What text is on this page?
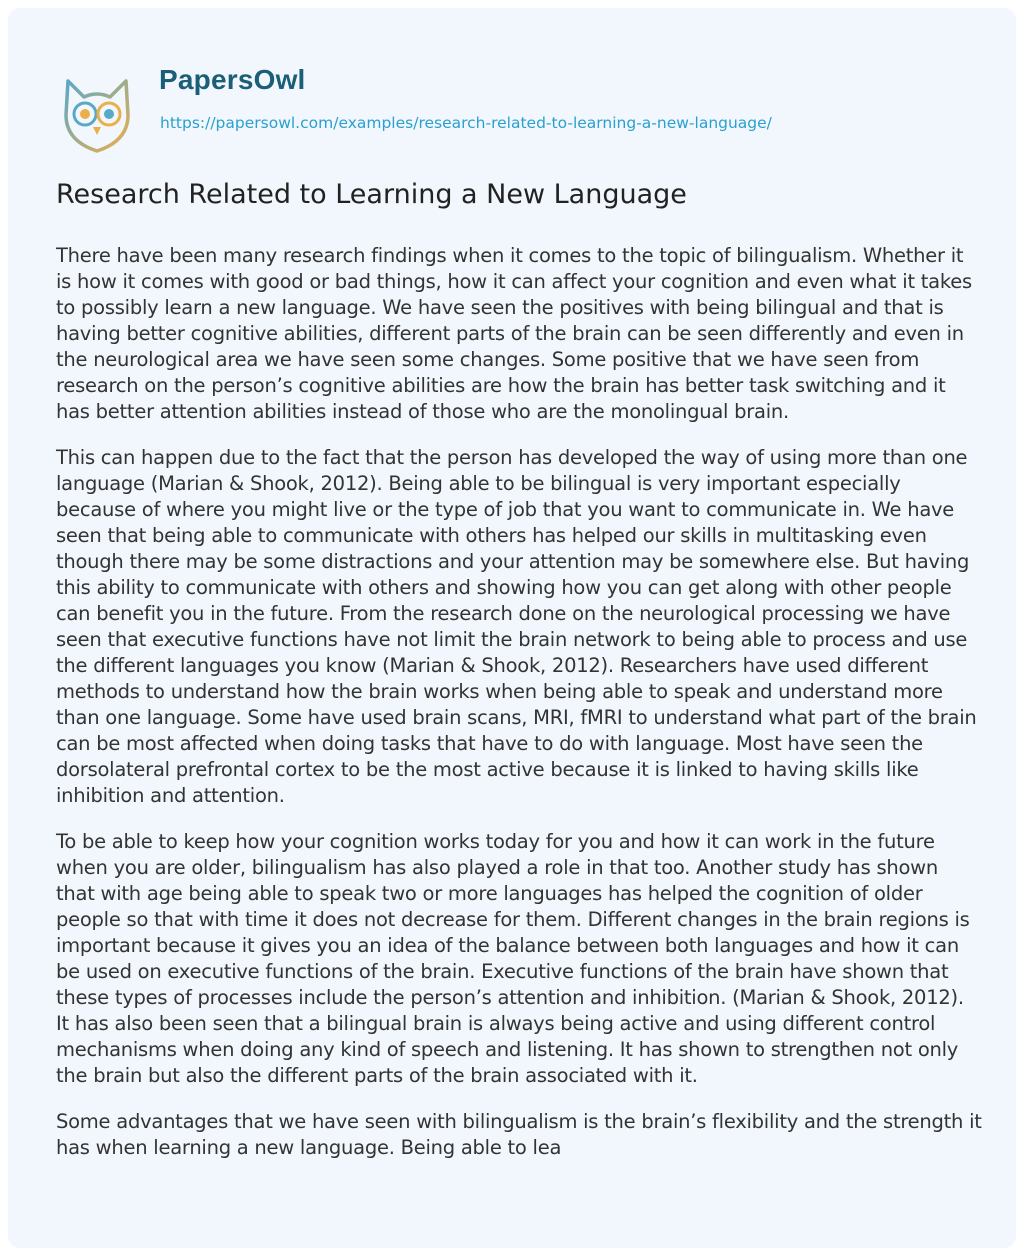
PapersOwl
https://papersowl.com/examples/research-related-to-learning-a-new-language/
Research Related to Learning a New Language

There have been many research findings when it comes to the topic of bilingualism. Whether it is how it comes with good or bad things, how it can affect your cognition and even what it takes to possibly learn a new language. We have seen the positives with being bilingual and that is having better cognitive abilities, different parts of the brain can be seen differently and even in the neurological area we have seen some changes. Some positive that we have seen from research on the person’s cognitive abilities are how the brain has better task switching and it has better attention abilities instead of those who are the monolingual brain.

This can happen due to the fact that the person has developed the way of using more than one language (Marian & Shook, 2012). Being able to be bilingual is very important especially because of where you might live or the type of job that you want to communicate in. We have seen that being able to communicate with others has helped our skills in multitasking even though there may be some distractions and your attention may be somewhere else. But having this ability to communicate with others and showing how you can get along with other people can benefit you in the future. From the research done on the neurological processing we have seen that executive functions have not limit the brain network to being able to process and use the different languages you know (Marian & Shook, 2012). Researchers have used different methods to understand how the brain works when being able to speak and understand more than one language. Some have used brain scans, MRI, fMRI to understand what part of the brain can be most affected when doing tasks that have to do with language. Most have seen the dorsolateral prefrontal cortex to be the most active because it is linked to having skills like inhibition and attention.

To be able to keep how your cognition works today for you and how it can work in the future when you are older, bilingualism has also played a role in that too. Another study has shown that with age being able to speak two or more languages has helped the cognition of older people so that with time it does not decrease for them. Different changes in the brain regions is important because it gives you an idea of the balance between both languages and how it can be used on executive functions of the brain. Executive functions of the brain have shown that these types of processes include the person’s attention and inhibition. (Marian & Shook, 2012). It has also been seen that a bilingual brain is always being active and using different control mechanisms when doing any kind of speech and listening. It has shown to strengthen not only the brain but also the different parts of the brain associated with it.

Some advantages that we have seen with bilingualism is the brain’s flexibility and the strength it has when learning a new language. Being able to lea
